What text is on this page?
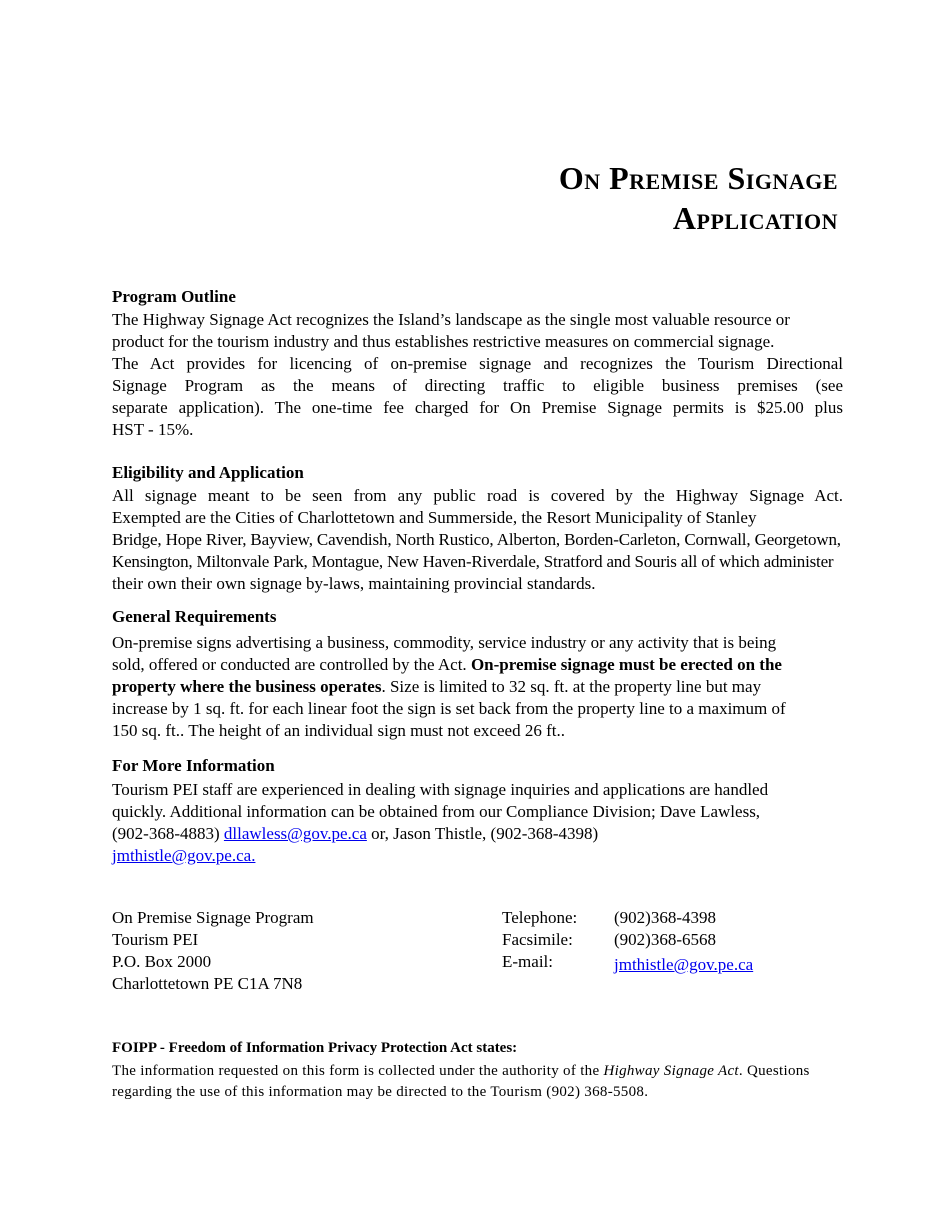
On Premise Signage
Application
Program Outline
The Highway Signage Act recognizes the Island’s landscape as the single most valuable resource or
product for the tourism industry and thus establishes restrictive measures on commercial signage.
The Act provides for licencing of on-premise signage and recognizes the Tourism Directional
Signage Program as the means of directing traffic to eligible business premises (see
separate application). The one-time fee charged for On Premise Signage permits is $25.00 plus
HST - 15%.
Eligibility and Application
All signage meant to be seen from any public road is covered by the Highway Signage Act.
Exempted are the Cities of Charlottetown and Summerside, the Resort Municipality of Stanley
Bridge, Hope River, Bayview, Cavendish, North Rustico, Alberton, Borden-Carleton, Cornwall, Georgetown,
Kensington, Miltonvale Park, Montague, New Haven-Riverdale, Stratford and Souris all of which administer
their own their own signage by-laws, maintaining provincial standards.
General Requirements
On-premise signs advertising a business, commodity, service industry or any activity that is being
sold, offered or conducted are controlled by the Act. On-premise signage must be erected on the
property where the business operates. Size is limited to 32 sq. ft. at the property line but may
increase by 1 sq. ft. for each linear foot the sign is set back from the property line to a maximum of
150 sq. ft.. The height of an individual sign must not exceed 26 ft..
For More Information
Tourism PEI staff are experienced in dealing with signage inquiries and applications are handled
quickly. Additional information can be obtained from our Compliance Division; Dave Lawless,
(902-368-4883) dllawless@gov.pe.ca or, Jason Thistle, (902-368-4398)
jmthistle@gov.pe.ca.
On Premise Signage Program
Tourism PEI
P.O. Box 2000
Charlottetown PE C1A 7N8
Telephone:	(902)368-4398
Facsimile:	(902)368-6568
E-mail:	jmthistle@gov.pe.ca
FOIPP - Freedom of Information Privacy Protection Act states:
The information requested on this form is collected under the authority of the Highway Signage Act. Questions regarding the use of this information may be directed to the Tourism (902) 368-5508.
